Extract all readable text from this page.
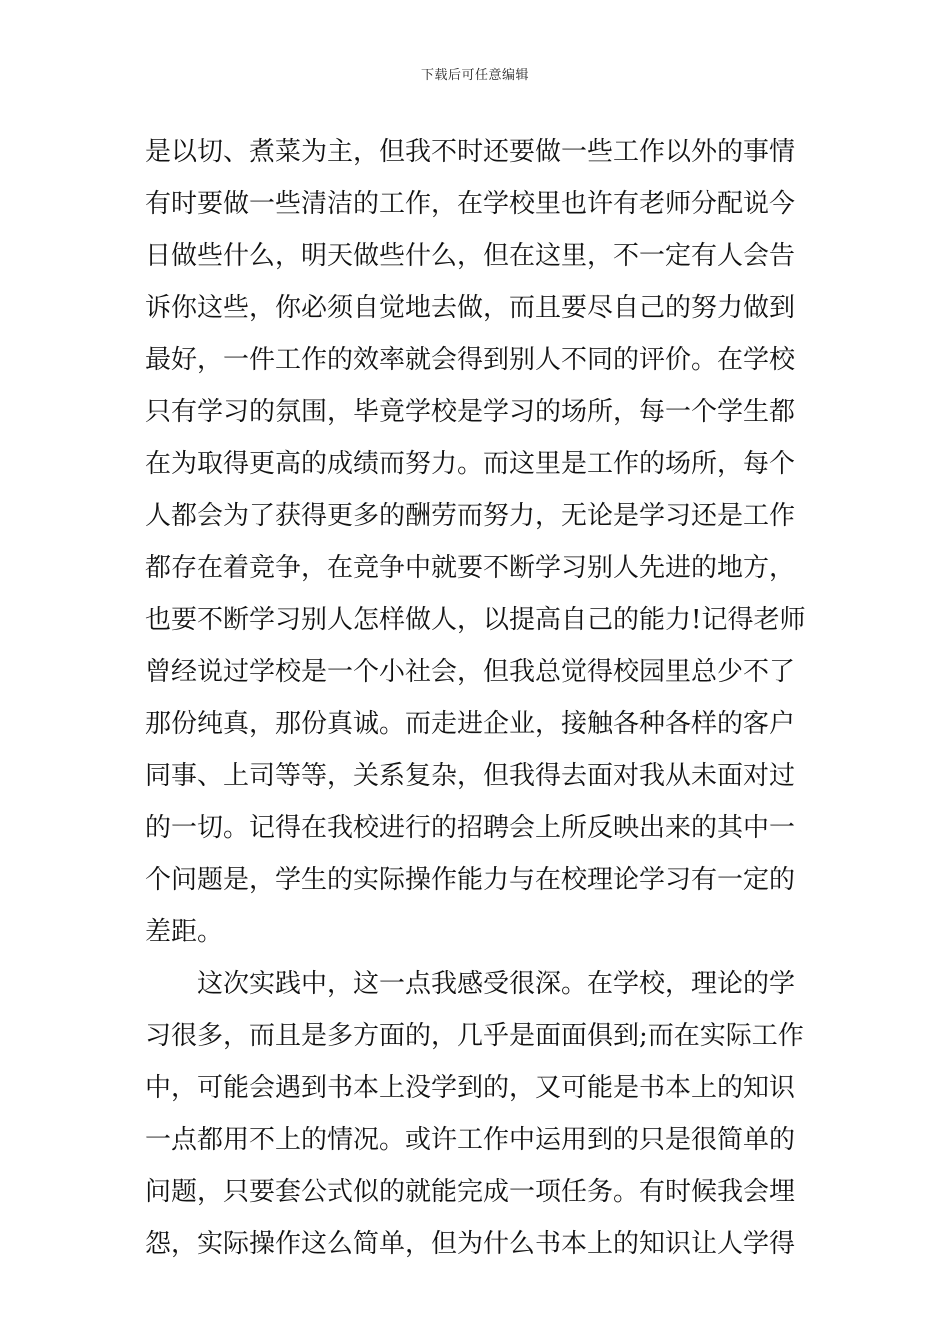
下载后可任意编辑
是以切、煮菜为主，但我不时还要做一些工作以外的事情
有时要做一些清洁的工作，在学校里也许有老师分配说今
日做些什么，明天做些什么，但在这里，不一定有人会告
诉你这些，你必须自觉地去做，而且要尽自己的努力做到
最好，一件工作的效率就会得到别人不同的评价。在学校
只有学习的氛围，毕竟学校是学习的场所，每一个学生都
在为取得更高的成绩而努力。而这里是工作的场所，每个
人都会为了获得更多的酬劳而努力，无论是学习还是工作
都存在着竞争，在竞争中就要不断学习别人先进的地方，
也要不断学习别人怎样做人，以提高自己的能力!记得老师
曾经说过学校是一个小社会，但我总觉得校园里总少不了
那份纯真，那份真诚。而走进企业，接触各种各样的客户
同事、上司等等，关系复杂，但我得去面对我从未面对过
的一切。记得在我校进行的招聘会上所反映出来的其中一
个问题是，学生的实际操作能力与在校理论学习有一定的
差距。
这次实践中，这一点我感受很深。在学校，理论的学
习很多，而且是多方面的，几乎是面面俱到;而在实际工作
中，可能会遇到书本上没学到的，又可能是书本上的知识
一点都用不上的情况。或许工作中运用到的只是很简单的
问题，只要套公式似的就能完成一项任务。有时候我会埋
怨，实际操作这么简单，但为什么书本上的知识让人学得
